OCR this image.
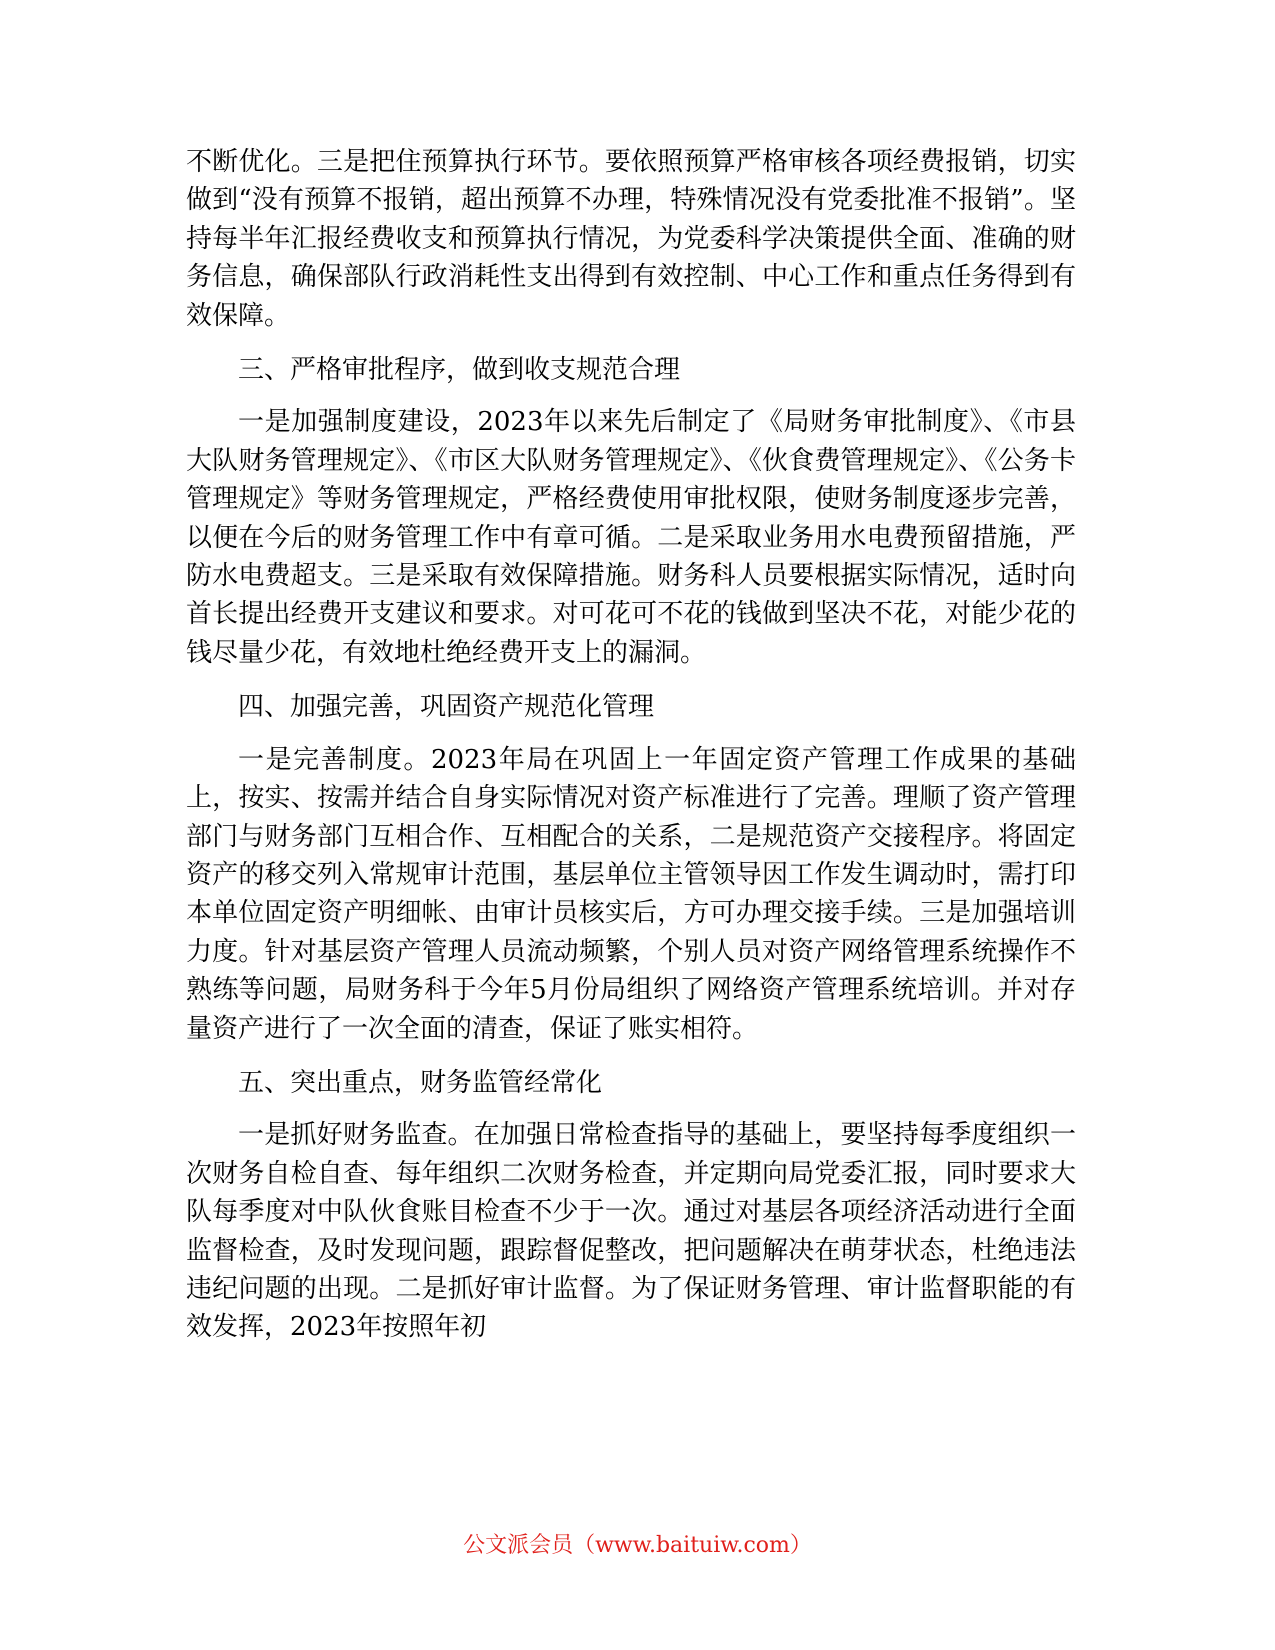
不断优化。三是把住预算执行环节。要依照预算严格审核各项经费报销，切实做到“没有预算不报销，超出预算不办理，特殊情况没有党委批准不报销”。坚持每半年汇报经费收支和预算执行情况，为党委科学决策提供全面、准确的财务信息，确保部队行政消耗性支出得到有效控制、中心工作和重点任务得到有效保障。

三、严格审批程序，做到收支规范合理

一是加强制度建设，2023年以来先后制定了《局财务审批制度》、《市县大队财务管理规定》、《市区大队财务管理规定》、《伙食费管理规定》、《公务卡管理规定》等财务管理规定，严格经费使用审批权限，使财务制度逐步完善，以便在今后的财务管理工作中有章可循。二是采取业务用水电费预留措施，严防水电费超支。三是采取有效保障措施。财务科人员要根据实际情况，适时向首长提出经费开支建议和要求。对可花可不花的钱做到坚决不花，对能少花的钱尽量少花，有效地杜绝经费开支上的漏洞。

四、加强完善，巩固资产规范化管理

一是完善制度。2023年局在巩固上一年固定资产管理工作成果的基础上，按实、按需并结合自身实际情况对资产标准进行了完善。理顺了资产管理部门与财务部门互相合作、互相配合的关系，二是规范资产交接程序。将固定资产的移交列入常规审计范围，基层单位主管领导因工作发生调动时，需打印本单位固定资产明细帐、由审计员核实后，方可办理交接手续。三是加强培训力度。针对基层资产管理人员流动频繁，个别人员对资产网络管理系统操作不熟练等问题，局财务科于今年5月份局组织了网络资产管理系统培训。并对存量资产进行了一次全面的清查，保证了账实相符。

五、突出重点，财务监管经常化

一是抓好财务监查。在加强日常检查指导的基础上，要坚持每季度组织一次财务自检自查、每年组织二次财务检查，并定期向局党委汇报，同时要求大队每季度对中队伙食账目检查不少于一次。通过对基层各项经济活动进行全面监督检查，及时发现问题，跟踪督促整改，把问题解决在萌芽状态，杜绝违法违纪问题的出现。二是抓好审计监督。为了保证财务管理、审计监督职能的有效发挥，2023年按照年初

公文派会员（www.baituiw.com）
